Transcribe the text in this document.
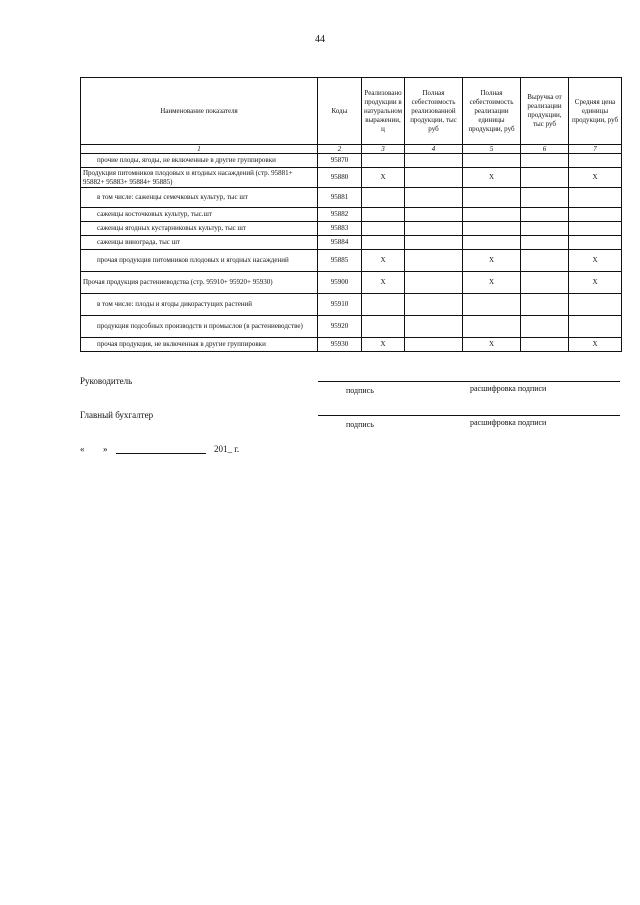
44
Наименование показателя	Коды	Реализовано продукции в натуральном выражении, ц	Полная себестоимость реализованной продукции, тыс руб	Полная себестоимость реализации единицы продукции, руб	Выручка от реализации продукции, тыс руб	Средняя цена единицы продукции, руб
1	2	3	4	5	6	7
прочие плоды, ягоды, не включенные в другие группировки	95870					
Продукция питомников плодовых и ягодных насаждений (стр. 95881+ 95882+ 95883+ 95884+ 95885)	95880	X		X		X
в том числе: саженцы семечковых культур, тыс шт	95881					
саженцы косточковых культур, тыс.шт	95882					
саженцы ягодных кустарниковых культур, тыс шт	95883					
саженцы винограда, тыс шт	95884					
прочая продукция питомников плодовых и ягодных насаждений	95885	X		X		X
Прочая продукция растениеводства (стр. 95910+ 95920+ 95930)	95900	X		X		X
в том числе: плоды и ягоды дикорастущих растений	95910					
продукция подсобных производств и промыслов (в растениеводстве)	95920					
прочая продукция, не включенная в другие группировки	95930	X		X		X
Руководитель
подпись	расшифровка подписи
Главный бухгалтер
подпись	расшифровка подписи
« »	201_ г.
